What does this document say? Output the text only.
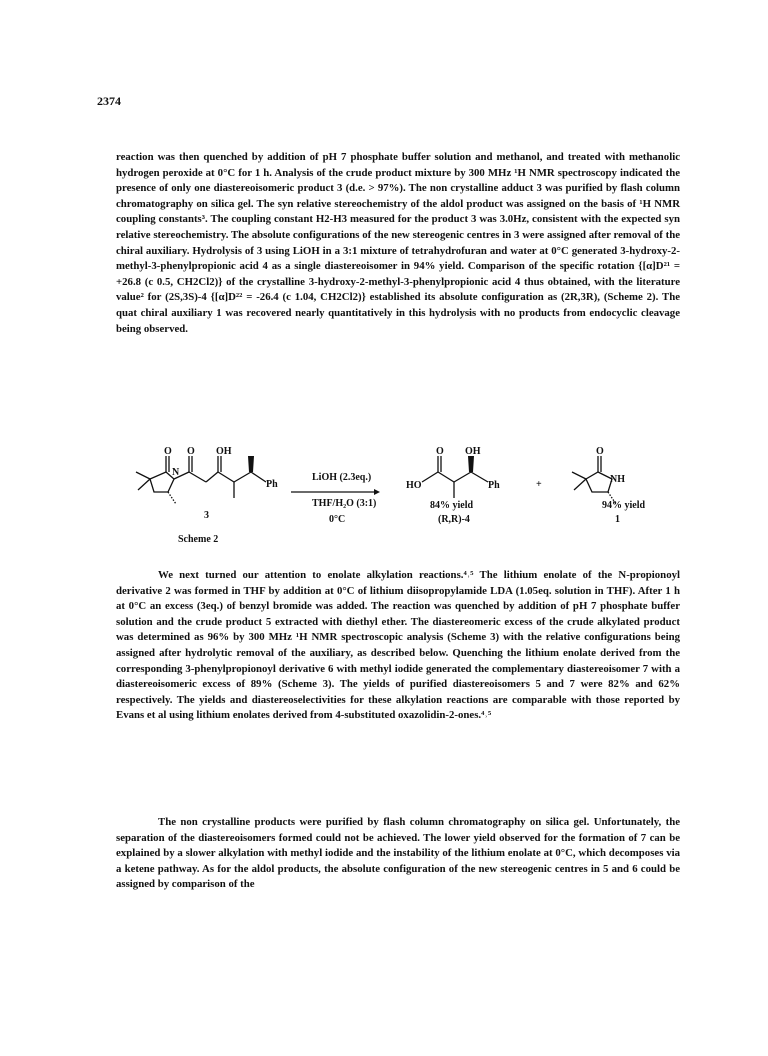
2374

reaction was then quenched by addition of pH 7 phosphate buffer solution and methanol, and treated with methanolic hydrogen peroxide at 0°C for 1 h. Analysis of the crude product mixture by 300 MHz ¹H NMR spectroscopy indicated the presence of only one diastereoisomeric product 3 (d.e. > 97%). The non crystalline adduct 3 was purified by flash column chromatography on silica gel. The syn relative stereochemistry of the aldol product was assigned on the basis of ¹H NMR coupling constants³. The coupling constant H2-H3 measured for the product 3 was 3.0Hz, consistent with the expected syn relative stereochemistry. The absolute configurations of the new stereogenic centres in 3 were assigned after removal of the chiral auxiliary. Hydrolysis of 3 using LiOH in a 3:1 mixture of tetrahydrofuran and water at 0°C generated 3-hydroxy-2-methyl-3-phenylpropionic acid 4 as a single diastereoisomer in 94% yield. Comparison of the specific rotation {[α]D²¹ = +26.8 (c 0.5, CH2Cl2)} of the crystalline 3-hydroxy-2-methyl-3-phenylpropionic acid 4 thus obtained, with the literature value² for (2S,3S)-4 {[α]D²² = -26.4 (c 1.04, CH2Cl2)} established its absolute configuration as (2R,3R), (Scheme 2). The quat chiral auxiliary 1 was recovered nearly quantitatively in this hydrolysis with no products from endocyclic cleavage being observed.

O O OH
N
Ph
3
LiOH (2.3eq.)
THF/H₂O (3:1)
0°C
O OH
HO	Ph
84% yield
(R,R)-4
+
O
NH
94% yield
1
Scheme 2

We next turned our attention to enolate alkylation reactions.⁴˒⁵ The lithium enolate of the N-propionoyl derivative 2 was formed in THF by addition at 0°C of lithium diisopropylamide LDA (1.05eq. solution in THF). After 1 h at 0°C an excess (3eq.) of benzyl bromide was added. The reaction was quenched by addition of pH 7 phosphate buffer solution and the crude product 5 extracted with diethyl ether. The diastereomeric excess of the crude alkylated product was determined as 96% by 300 MHz ¹H NMR spectroscopic analysis (Scheme 3) with the relative configurations being assigned after hydrolytic removal of the auxiliary, as described below. Quenching the lithium enolate derived from the corresponding 3-phenylpropionoyl derivative 6 with methyl iodide generated the complementary diastereoisomer 7 with a diastereoisomeric excess of 89% (Scheme 3). The yields of purified diastereoisomers 5 and 7 were 82% and 62% respectively. The yields and diastereoselectivities for these alkylation reactions are comparable with those reported by Evans et al using lithium enolates derived from 4-substituted oxazolidin-2-ones.⁴˒⁵

The non crystalline products were purified by flash column chromatography on silica gel. Unfortunately, the separation of the diastereoisomers formed could not be achieved. The lower yield observed for the formation of 7 can be explained by a slower alkylation with methyl iodide and the instability of the lithium enolate at 0°C, which decomposes via a ketene pathway. As for the aldol products, the absolute configuration of the new stereogenic centres in 5 and 6 could be assigned by comparison of the
